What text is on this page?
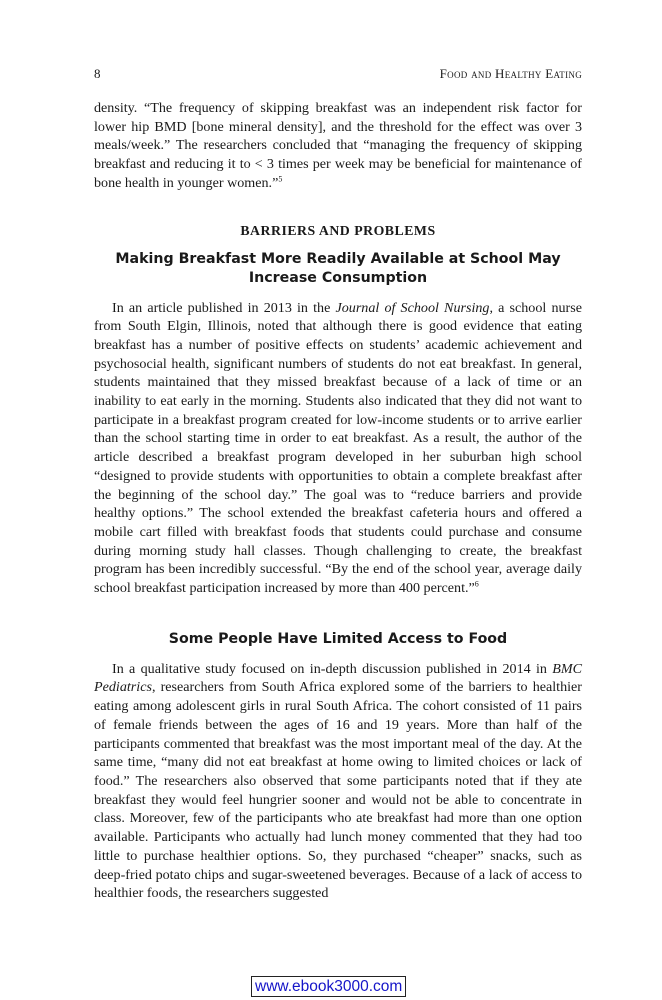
8	Food and Healthy Eating

density. “The frequency of skipping breakfast was an independent risk factor for lower hip BMD [bone mineral density], and the threshold for the effect was over 3 meals/week.” The researchers concluded that “managing the frequency of skipping breakfast and reducing it to < 3 times per week may be beneficial for maintenance of bone health in younger women.”$^5$

BARRIERS AND PROBLEMS
Making Breakfast More Readily Available at School May Increase Consumption

In an article published in 2013 in the Journal of School Nursing, a school nurse from South Elgin, Illinois, noted that although there is good evidence that eating breakfast has a number of positive effects on students’ academic achievement and psychosocial health, significant numbers of students do not eat breakfast. In general, students maintained that they missed breakfast because of a lack of time or an inability to eat early in the morning. Students also indicated that they did not want to participate in a breakfast program created for low-income students or to arrive earlier than the school starting time in order to eat breakfast. As a result, the author of the article described a breakfast program developed in her suburban high school “designed to provide students with opportunities to obtain a complete breakfast after the beginning of the school day.” The goal was to “reduce barriers and provide healthy options.” The school extended the breakfast cafeteria hours and offered a mobile cart filled with breakfast foods that students could purchase and consume during morning study hall classes. Though challenging to create, the breakfast program has been incredibly successful. “By the end of the school year, average daily school breakfast participation increased by more than 400 percent.”$^6$

Some People Have Limited Access to Food

In a qualitative study focused on in-depth discussion published in 2014 in BMC Pediatrics, researchers from South Africa explored some of the barriers to healthier eating among adolescent girls in rural South Africa. The cohort consisted of 11 pairs of female friends between the ages of 16 and 19 years. More than half of the participants commented that breakfast was the most important meal of the day. At the same time, “many did not eat breakfast at home owing to limited choices or lack of food.” The researchers also observed that some participants noted that if they ate breakfast they would feel hungrier sooner and would not be able to concentrate in class. Moreover, few of the participants who ate breakfast had more than one option available. Participants who actually had lunch money commented that they had too little to purchase healthier options. So, they purchased “cheaper” snacks, such as deep-fried potato chips and sugar-sweetened beverages. Because of a lack of access to healthier foods, the researchers suggested

www.ebook3000.com
